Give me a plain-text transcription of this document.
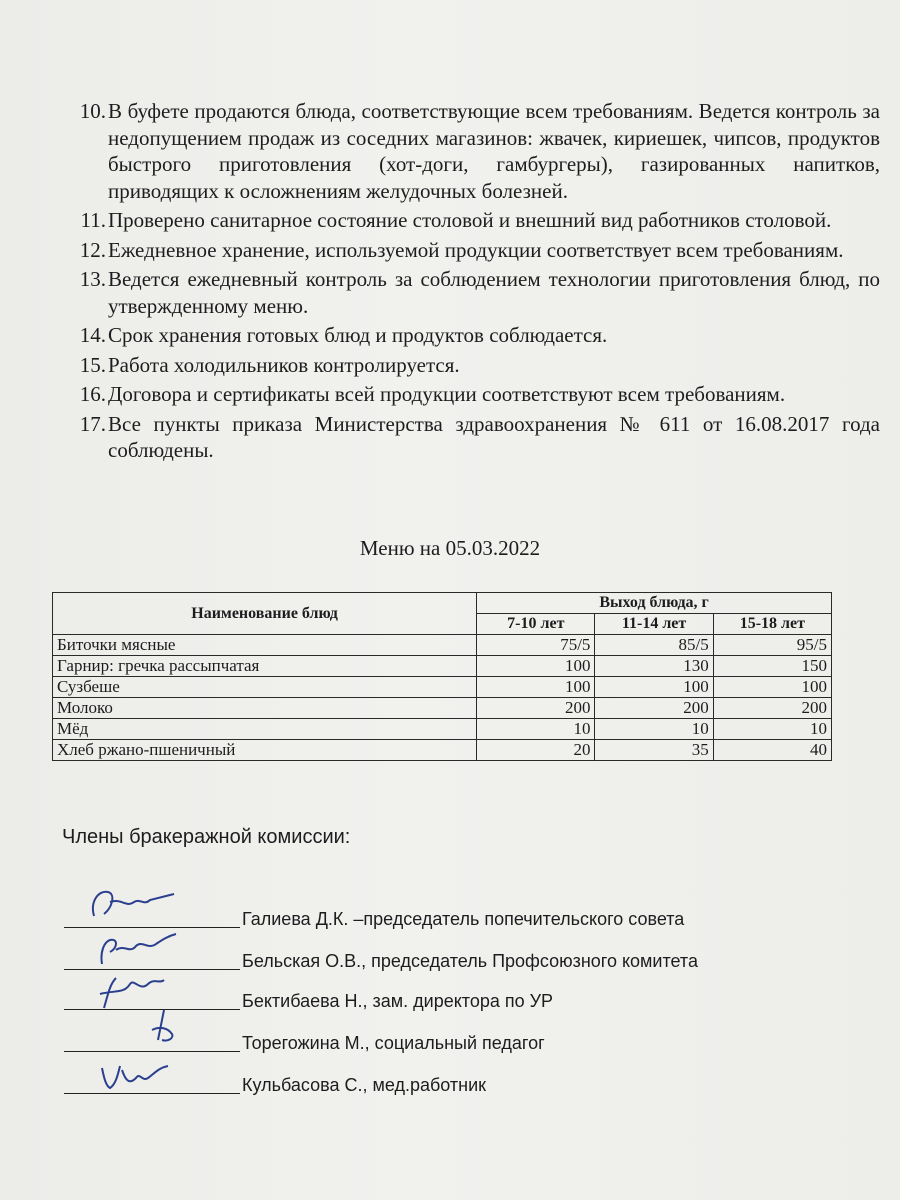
10. В буфете продаются блюда, соответствующие всем требованиям. Ведется контроль за недопущением продаж из соседних магазинов: жвачек, кириешек, чипсов, продуктов быстрого приготовления (хот-доги, гамбургеры), газированных напитков, приводящих к осложнениям желудочных болезней.
11. Проверено санитарное состояние столовой и внешний вид работников столовой.
12. Ежедневное хранение, используемой продукции соответствует всем требованиям.
13. Ведется ежедневный контроль за соблюдением технологии приготовления блюд, по утвержденному меню.
14. Срок хранения готовых блюд и продуктов соблюдается.
15. Работа холодильников контролируется.
16. Договора и сертификаты всей продукции соответствуют всем требованиям.
17. Все пункты приказа Министерства здравоохранения № 611 от 16.08.2017 года соблюдены.
Меню на 05.03.2022
Наименование блюд	Выход блюда, г		
	7-10 лет	11-14 лет	15-18 лет
Биточки мясные	75/5	85/5	95/5
Гарнир: гречка рассыпчатая	100	130	150
Сузбеше	100	100	100
Молоко	200	200	200
Мёд	10	10	10
Хлеб ржано-пшеничный	20	35	40
Члены бракеражной комиссии:
Галиева Д.К. –председатель попечительского совета
Бельская О.В., председатель Профсоюзного комитета
Бектибаева Н., зам. директора по УР
Торегожина М., социальный педагог
Кульбасова С., мед.работник
